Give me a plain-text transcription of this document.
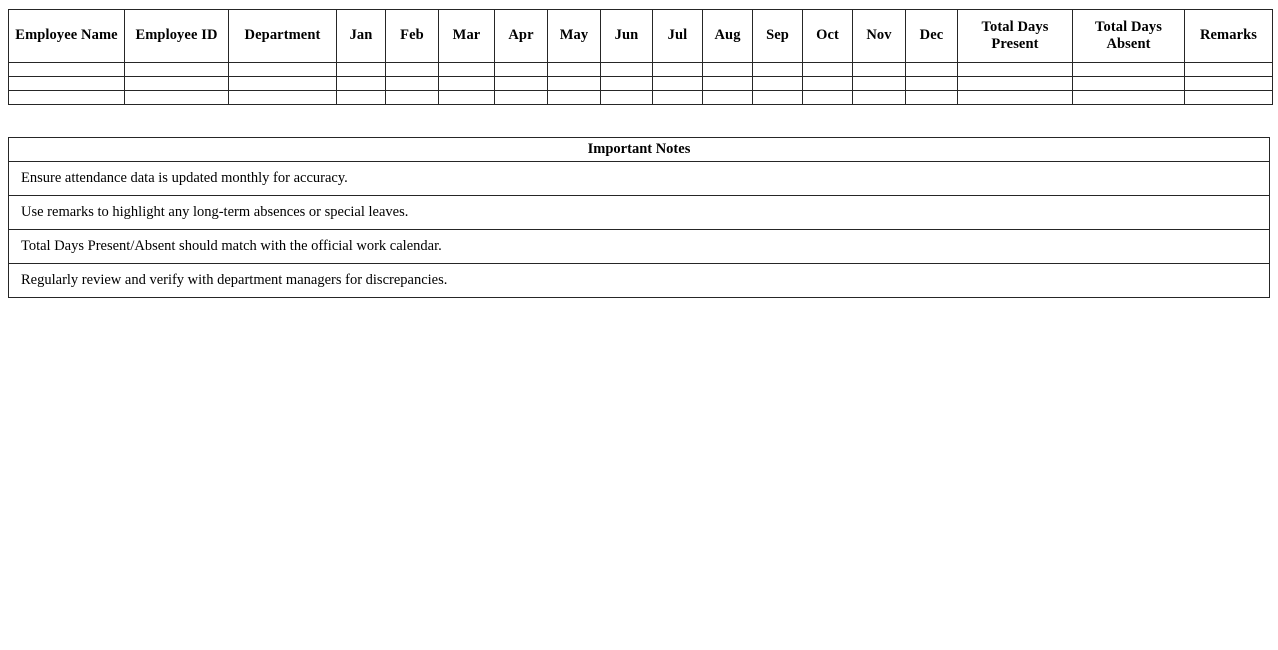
Employee Name	Employee ID	Department	Jan	Feb	Mar	Apr	May	Jun	Jul	Aug	Sep	Oct	Nov	Dec	Total Days Present	Total Days Absent	Remarks

Important Notes
Ensure attendance data is updated monthly for accuracy.
Use remarks to highlight any long-term absences or special leaves.
Total Days Present/Absent should match with the official work calendar.
Regularly review and verify with department managers for discrepancies.
